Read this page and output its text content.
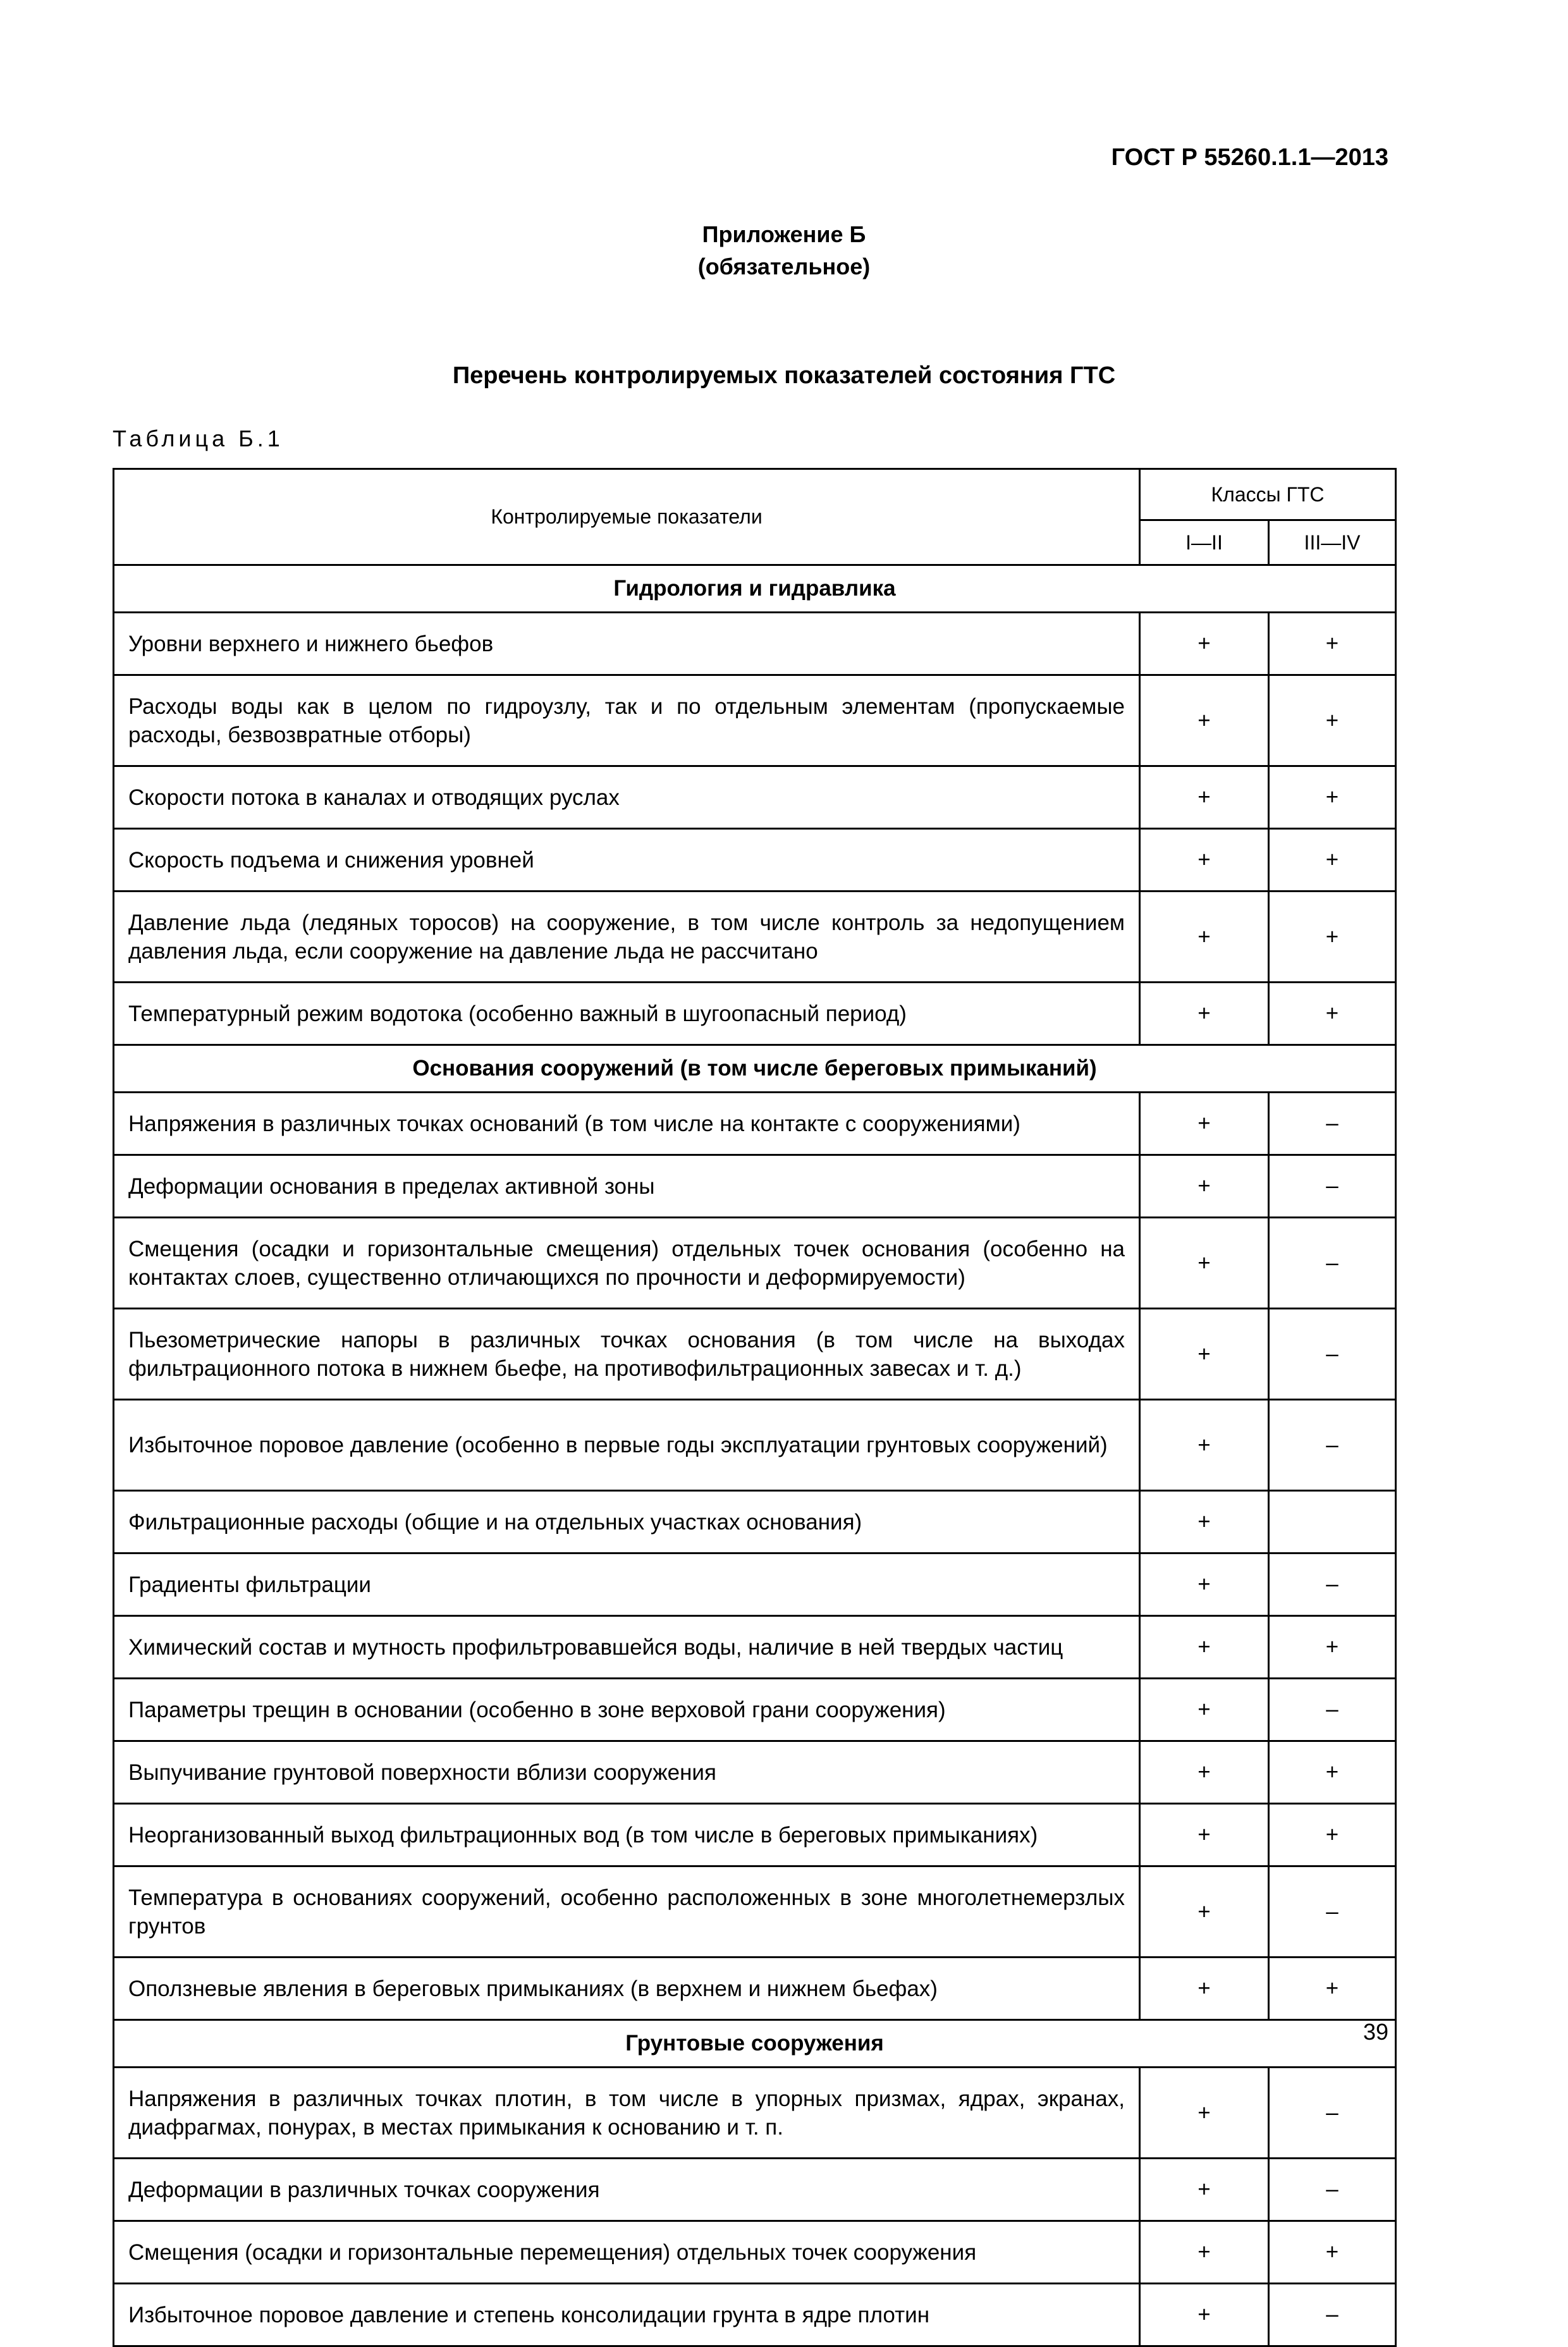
ГОСТ Р 55260.1.1—2013
Приложение Б
(обязательное)
Перечень контролируемых показателей состояния ГТС
Таблица Б.1
Контролируемые показатели	Классы ГТС	
	I—II	III—IV
Гидрология и гидравлика		
Уровни верхнего и нижнего бьефов	+	+
Расходы воды как в целом по гидроузлу, так и по отдельным элементам (пропускаемые расходы, безвозвратные отборы)	+	+
Скорости потока в каналах и отводящих руслах	+	+
Скорость подъема и снижения уровней	+	+
Давление льда (ледяных торосов) на сооружение, в том числе контроль за недопущением давления льда, если сооружение на давление льда не рассчитано	+	+
Температурный режим водотока (особенно важный в шугоопасный период)	+	+
Основания сооружений (в том числе береговых примыканий)		
Напряжения в различных точках оснований (в том числе на контакте с сооружениями)	+	–
Деформации основания в пределах активной зоны	+	–
Смещения (осадки и горизонтальные смещения) отдельных точек основания (особенно на контактах слоев, существенно отличающихся по прочности и деформируемости)	+	–
Пьезометрические напоры в различных точках основания (в том числе на выходах фильтрационного потока в нижнем бьефе, на противофильтрационных завесах и т. д.)	+	–
Избыточное поровое давление (особенно в первые годы эксплуатации грунтовых сооружений)	+	–
Фильтрационные расходы (общие и на отдельных участках основания)	+	
Градиенты фильтрации	+	–
Химический состав и мутность профильтровавшейся воды, наличие в ней твердых частиц	+	+
Параметры трещин в основании (особенно в зоне верховой грани сооружения)	+	–
Выпучивание грунтовой поверхности вблизи сооружения	+	+
Неорганизованный выход фильтрационных вод (в том числе в береговых примыканиях)	+	+
Температура в основаниях сооружений, особенно расположенных в зоне многолетнемерзлых грунтов	+	–
Оползневые явления в береговых примыканиях (в верхнем и нижнем бьефах)	+	+
Грунтовые сооружения		
Напряжения в различных точках плотин, в том числе в упорных призмах, ядрах, экранах, диафрагмах, понурах, в местах примыкания к основанию и т. п.	+	–
Деформации в различных точках сооружения	+	–
Смещения (осадки и горизонтальные перемещения) отдельных точек сооружения	+	+
Избыточное поровое давление и степень консолидации грунта в ядре плотин	+	–
39
